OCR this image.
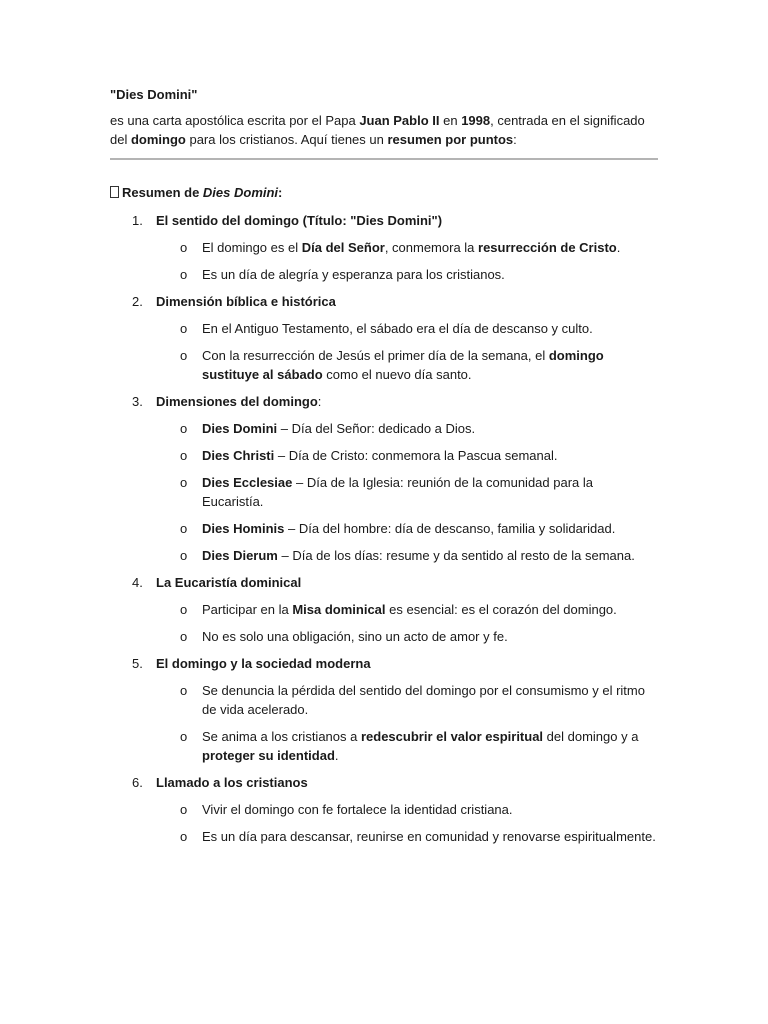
"Dies Domini"

es una carta apostólica escrita por el Papa Juan Pablo II en 1998, centrada en el significado del domingo para los cristianos. Aquí tienes un resumen por puntos:
Resumen de Dies Domini:
1. El sentido del domingo (Título: "Dies Domini")
o El domingo es el Día del Señor, conmemora la resurrección de Cristo.
o Es un día de alegría y esperanza para los cristianos.
2. Dimensión bíblica e histórica
o En el Antiguo Testamento, el sábado era el día de descanso y culto.
o Con la resurrección de Jesús el primer día de la semana, el domingo sustituye al sábado como el nuevo día santo.
3. Dimensiones del domingo:
o Dies Domini – Día del Señor: dedicado a Dios.
o Dies Christi – Día de Cristo: conmemora la Pascua semanal.
o Dies Ecclesiae – Día de la Iglesia: reunión de la comunidad para la Eucaristía.
o Dies Hominis – Día del hombre: día de descanso, familia y solidaridad.
o Dies Dierum – Día de los días: resume y da sentido al resto de la semana.
4. La Eucaristía dominical
o Participar en la Misa dominical es esencial: es el corazón del domingo.
o No es solo una obligación, sino un acto de amor y fe.
5. El domingo y la sociedad moderna
o Se denuncia la pérdida del sentido del domingo por el consumismo y el ritmo de vida acelerado.
o Se anima a los cristianos a redescubrir el valor espiritual del domingo y a proteger su identidad.
6. Llamado a los cristianos
o Vivir el domingo con fe fortalece la identidad cristiana.
o Es un día para descansar, reunirse en comunidad y renovarse espiritualmente.
